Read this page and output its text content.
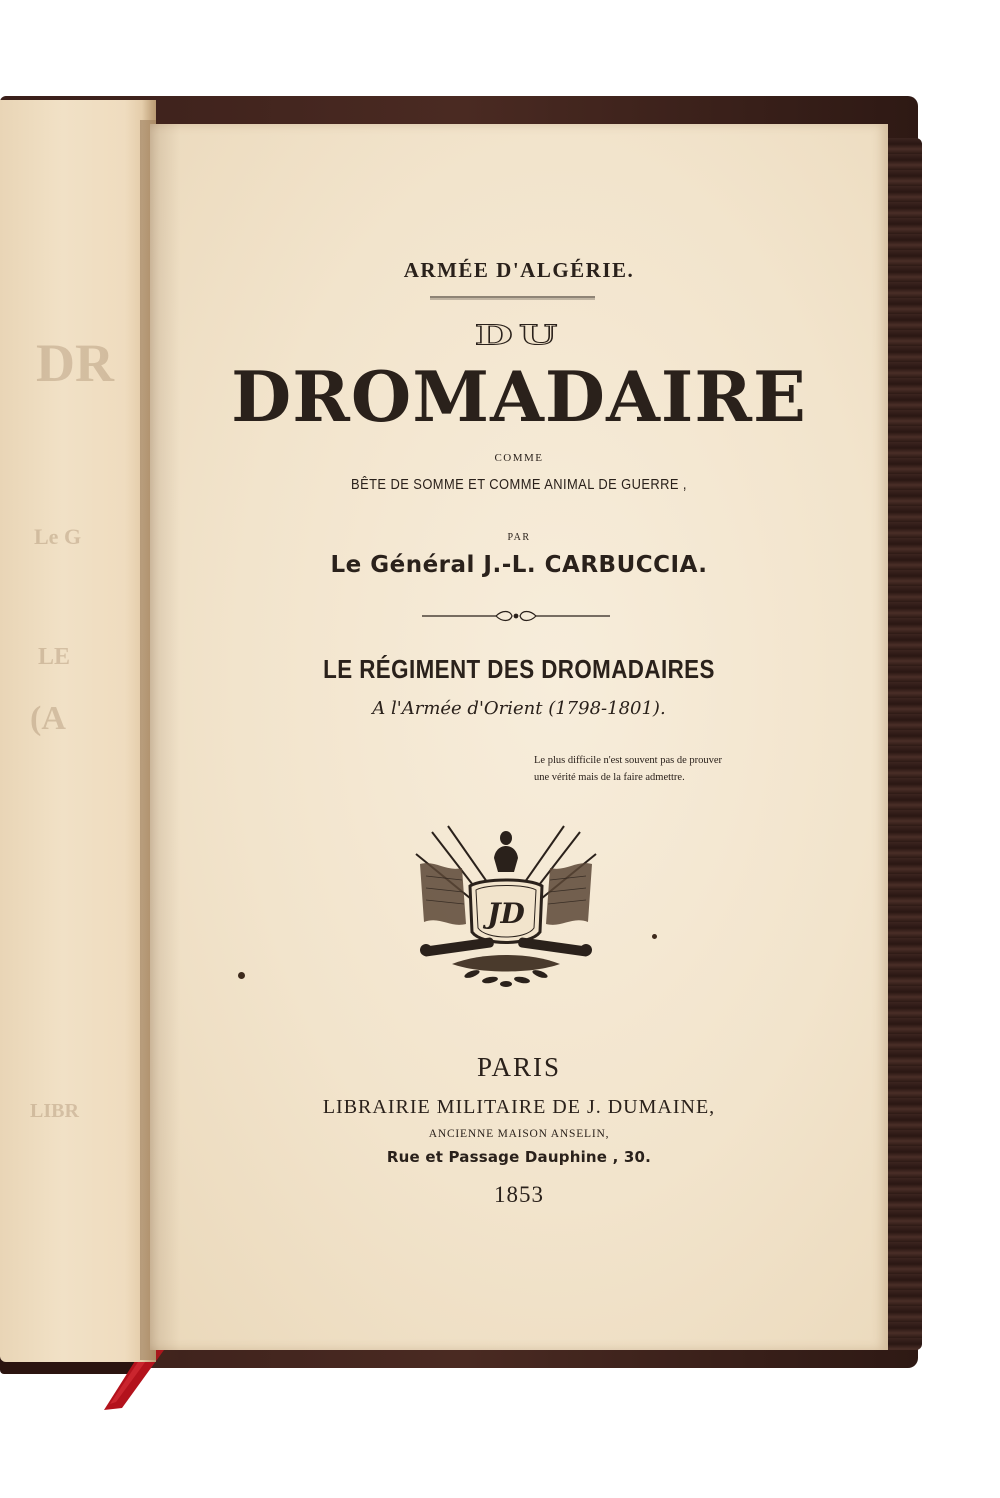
DR
Le G
LE
(A
LIBR
ARMÉE D'ALGÉRIE.
DU
DROMADAIRE
COMME
BÊTE DE SOMME ET COMME ANIMAL DE GUERRE ,
PAR
Le Général J.-L. CARBUCCIA.
LE RÉGIMENT DES DROMADAIRES
A l'Armée d'Orient (1798-1801).
Le plus difficile n'est souvent pas de prouver
une vérité mais de la faire admettre.
JD
PARIS
LIBRAIRIE MILITAIRE DE J. DUMAINE,
ANCIENNE MAISON ANSELIN,
Rue et Passage Dauphine , 30.
1853
